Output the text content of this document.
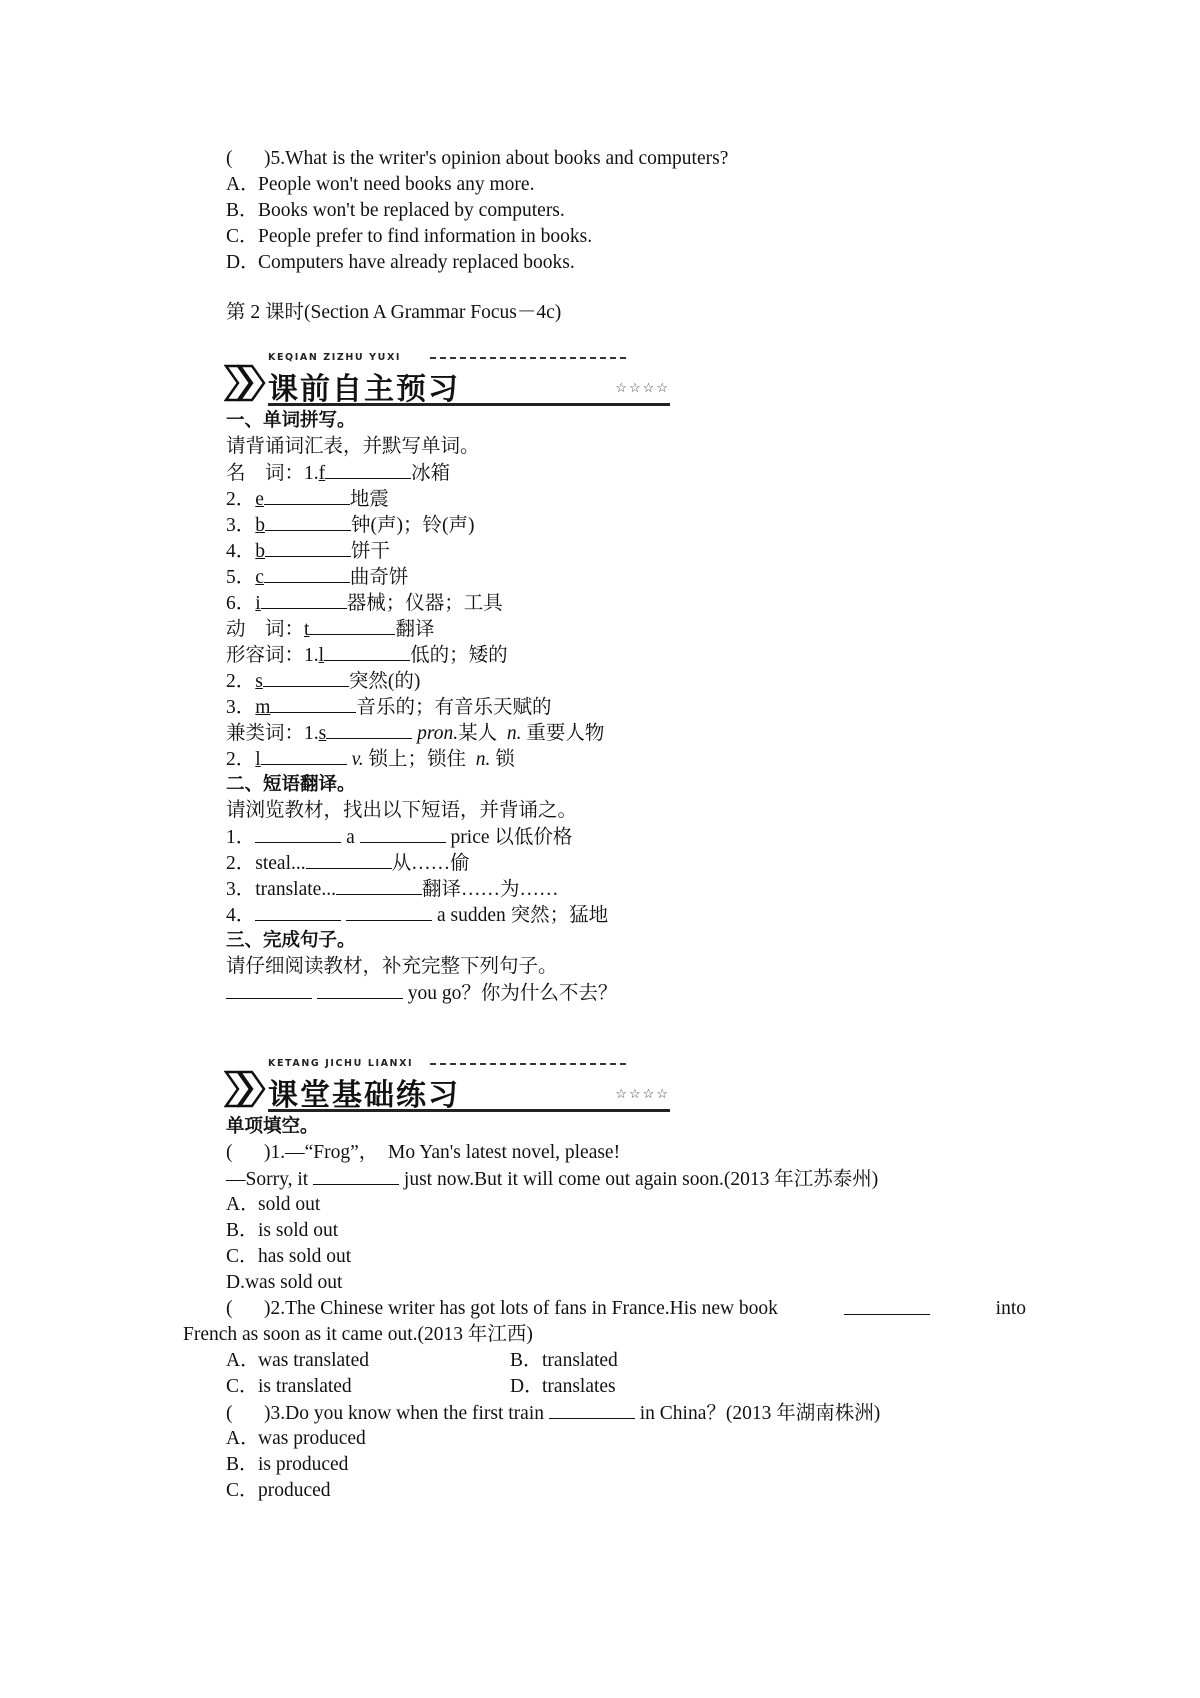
( )5.What is the writer's opinion about books and computers?
A．People won't need books any more.
B．Books won't be replaced by computers.
C．People prefer to find information in books.
D．Computers have already replaced books.
第 2 课时(Section A Grammar Focus－4c)
KEQIAN ZIZHU YUXI
课前自主预习	☆☆☆☆
一、单词拼写。
请背诵词汇表，并默写单词。
名　词：1.f	冰箱
2．e	地震
3．b	钟(声)；铃(声)
4．b	饼干
5．c	曲奇饼
6．i	器械；仪器；工具
动　词：t	翻译
形容词：1.l	低的；矮的
2．s	突然(的)
3．m	音乐的；有音乐天赋的
兼类词：1.s	pron.某人 n. 重要人物
2．l	v. 锁上；锁住 n. 锁
二、短语翻译。
请浏览教材，找出以下短语，并背诵之。
1．	a	price 以低价格
2．steal...	从……偷
3．translate...	翻译……为……
4．	a sudden 突然；猛地
三、完成句子。
请仔细阅读教材，补充完整下列句子。
you go？你为什么不去？
KETANG JICHU LIANXI
课堂基础练习	☆☆☆☆
单项填空。
( )1.—“Frog”，　Mo Yan's latest novel, please!
—Sorry, it	just now.But it will come out again soon.(2013 年江苏泰州)
A．sold out
B．is sold out
C．has sold out
D.was sold out
( )2.The Chinese writer has got lots of fans in France.His new book	into
French as soon as it came out.(2013 年江西)
A．was translated	B．translated
C．is translated	D．translates
( )3.Do you know when the first train	in China？(2013 年湖南株洲)
A．was produced
B．is produced
C．produced
